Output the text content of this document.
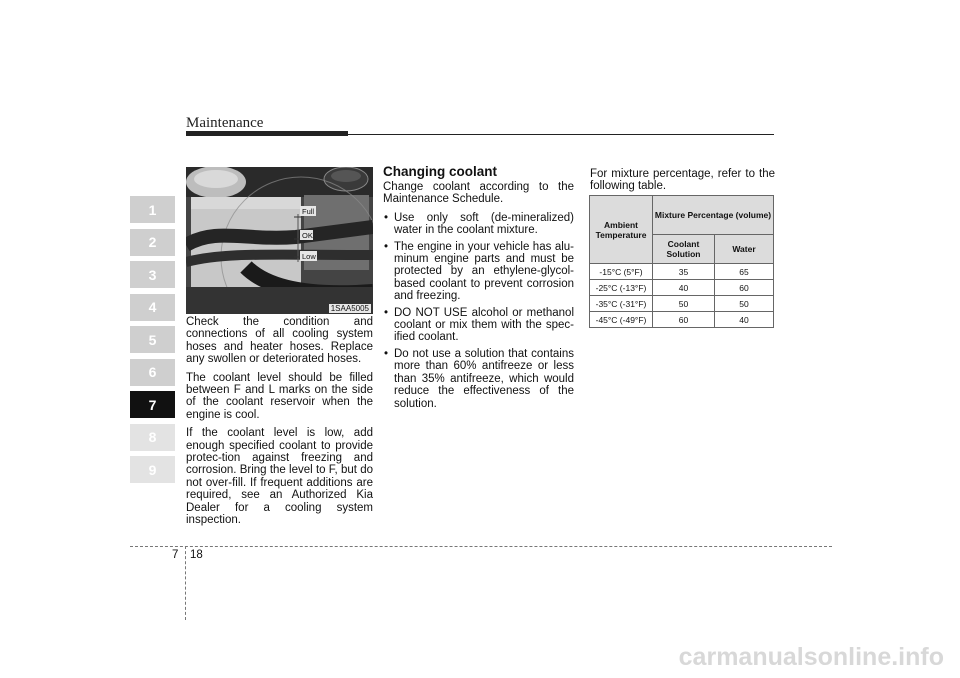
Maintenance
1
2
3
4
5
6
7
8
9
Full
OK
Low
1SAA5005

Check the condition and connections of all cooling system hoses and heater hoses. Replace any swollen or deteriorated hoses.

The coolant level should be filled between F and L marks on the side of the coolant reservoir when the engine is cool.

If the coolant level is low, add enough specified coolant to provide protec-tion against freezing and corrosion. Bring the level to F, but do not over-fill. If frequent additions are required, see an Authorized Kia Dealer for a cooling system inspection.

Changing coolant

Change coolant according to the Maintenance Schedule.

• Use only soft (de-mineralized) water in the coolant mixture.
• The engine in your vehicle has alu-minum engine parts and must be protected by an ethylene-glycol-based coolant to prevent corrosion and freezing.
• DO NOT USE alcohol or methanol coolant or mix them with the spec-ified coolant.
• Do not use a solution that contains more than 60% antifreeze or less than 35% antifreeze, which would reduce the effectiveness of the solution.

For mixture percentage, refer to the following table.

Ambient Temperature	Mixture Percentage (volume)	
	Coolant Solution	Water
-15°C (5°F)	35	65
-25°C (-13°F)	40	60
-35°C (-31°F)	50	50
-45°C (-49°F)	60	40
7 18
carmanualsonline.info
